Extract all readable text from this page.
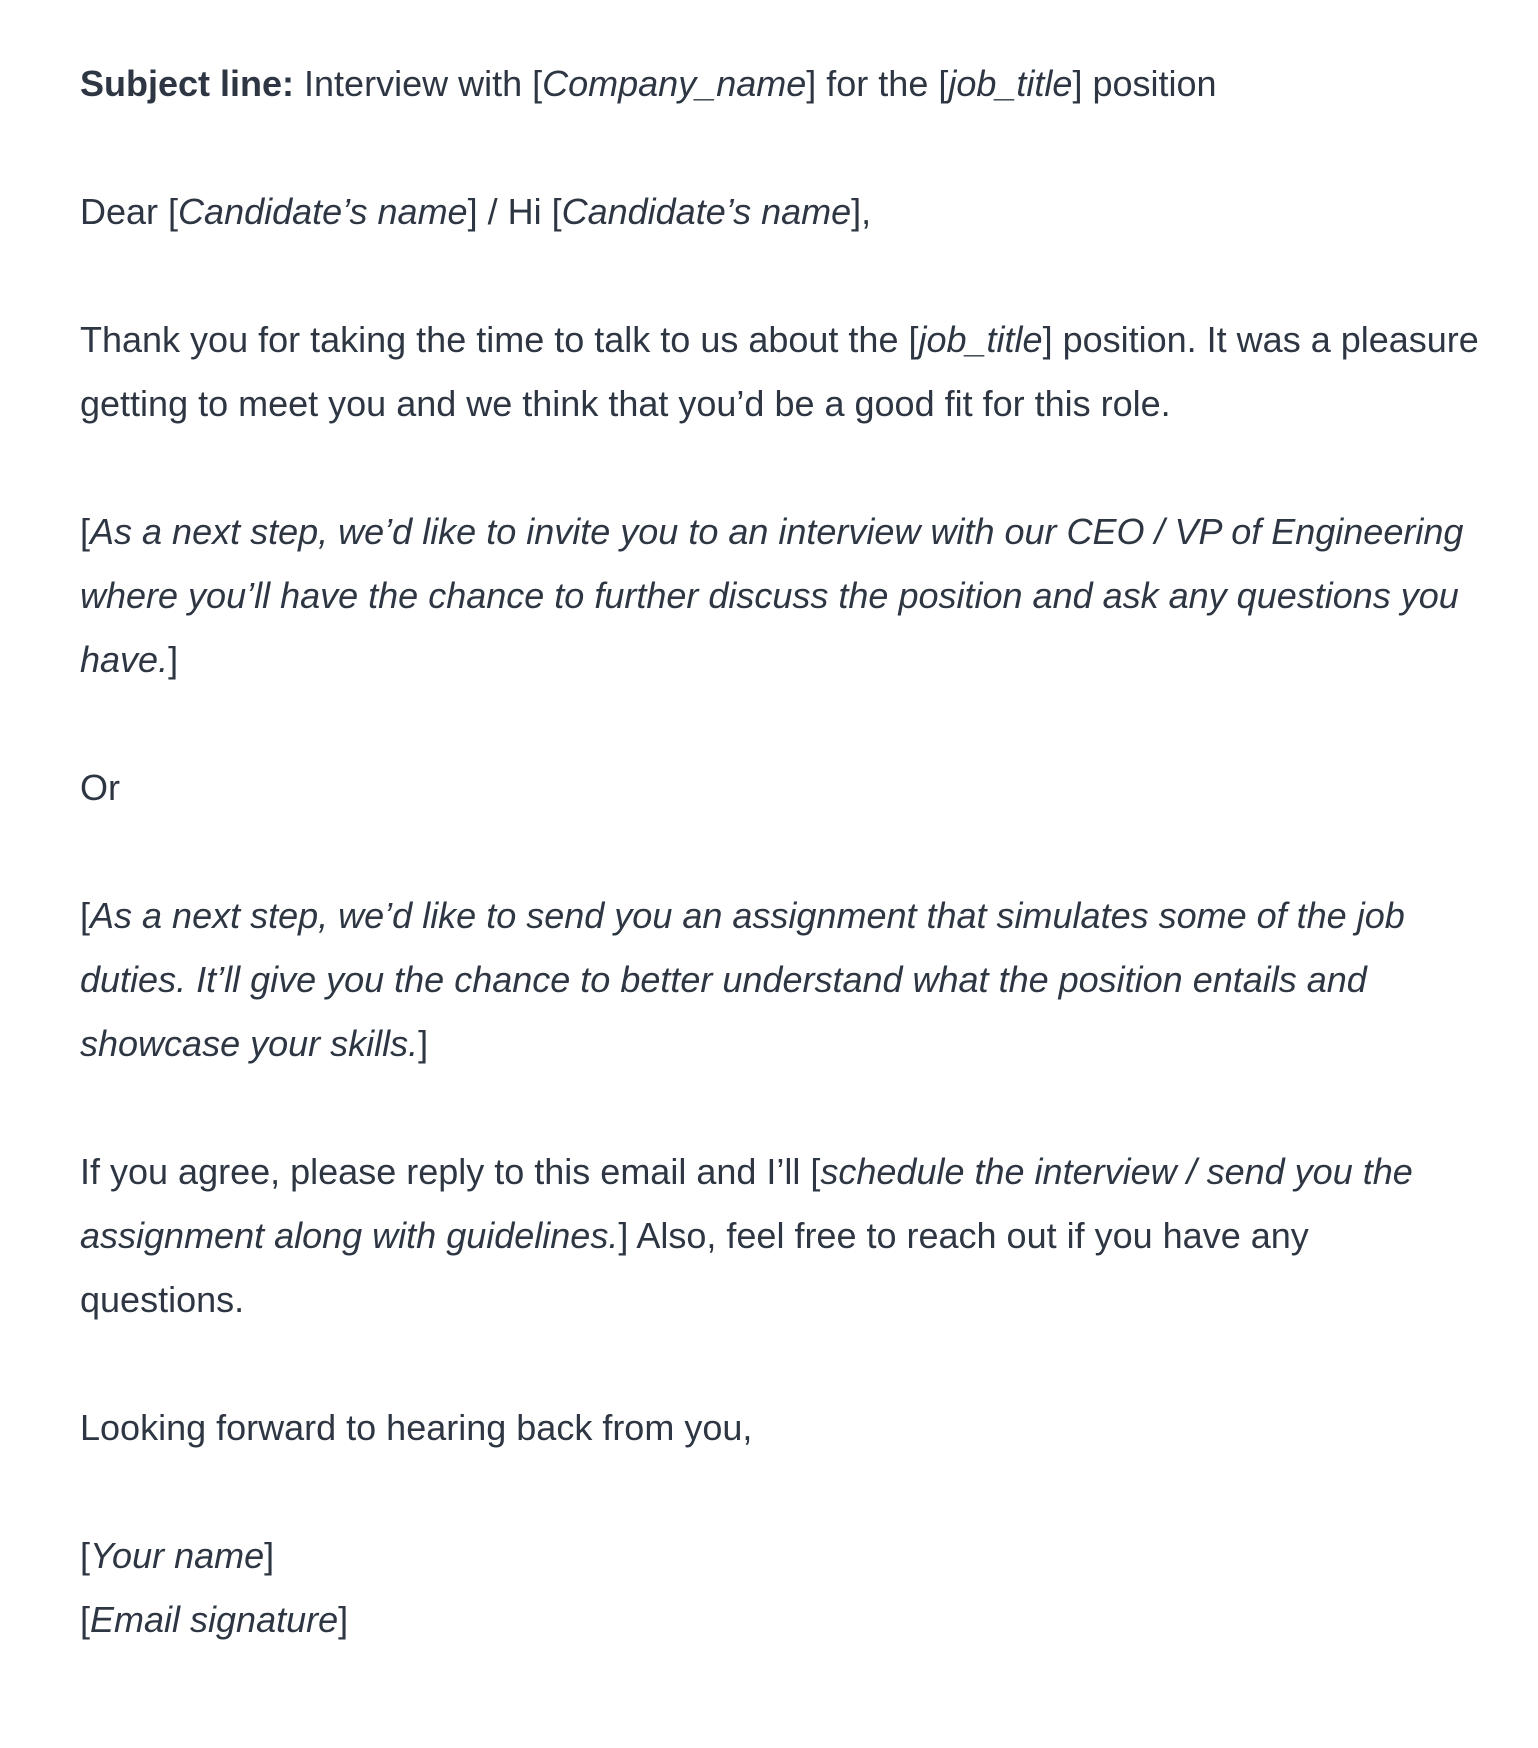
Subject line: Interview with [Company_name] for the [job_title] position

Dear [Candidate’s name] / Hi [Candidate’s name],

Thank you for taking the time to talk to us about the [job_title] position. It was a pleasure getting to meet you and we think that you’d be a good fit for this role.

[As a next step, we’d like to invite you to an interview with our CEO / VP of Engineering where you’ll have the chance to further discuss the position and ask any questions you have.]

Or

[As a next step, we’d like to send you an assignment that simulates some of the job duties. It’ll give you the chance to better understand what the position entails and showcase your skills.]

If you agree, please reply to this email and I’ll [schedule the interview / send you the assignment along with guidelines.] Also, feel free to reach out if you have any questions.

Looking forward to hearing back from you,

[Your name]

[Email signature]
